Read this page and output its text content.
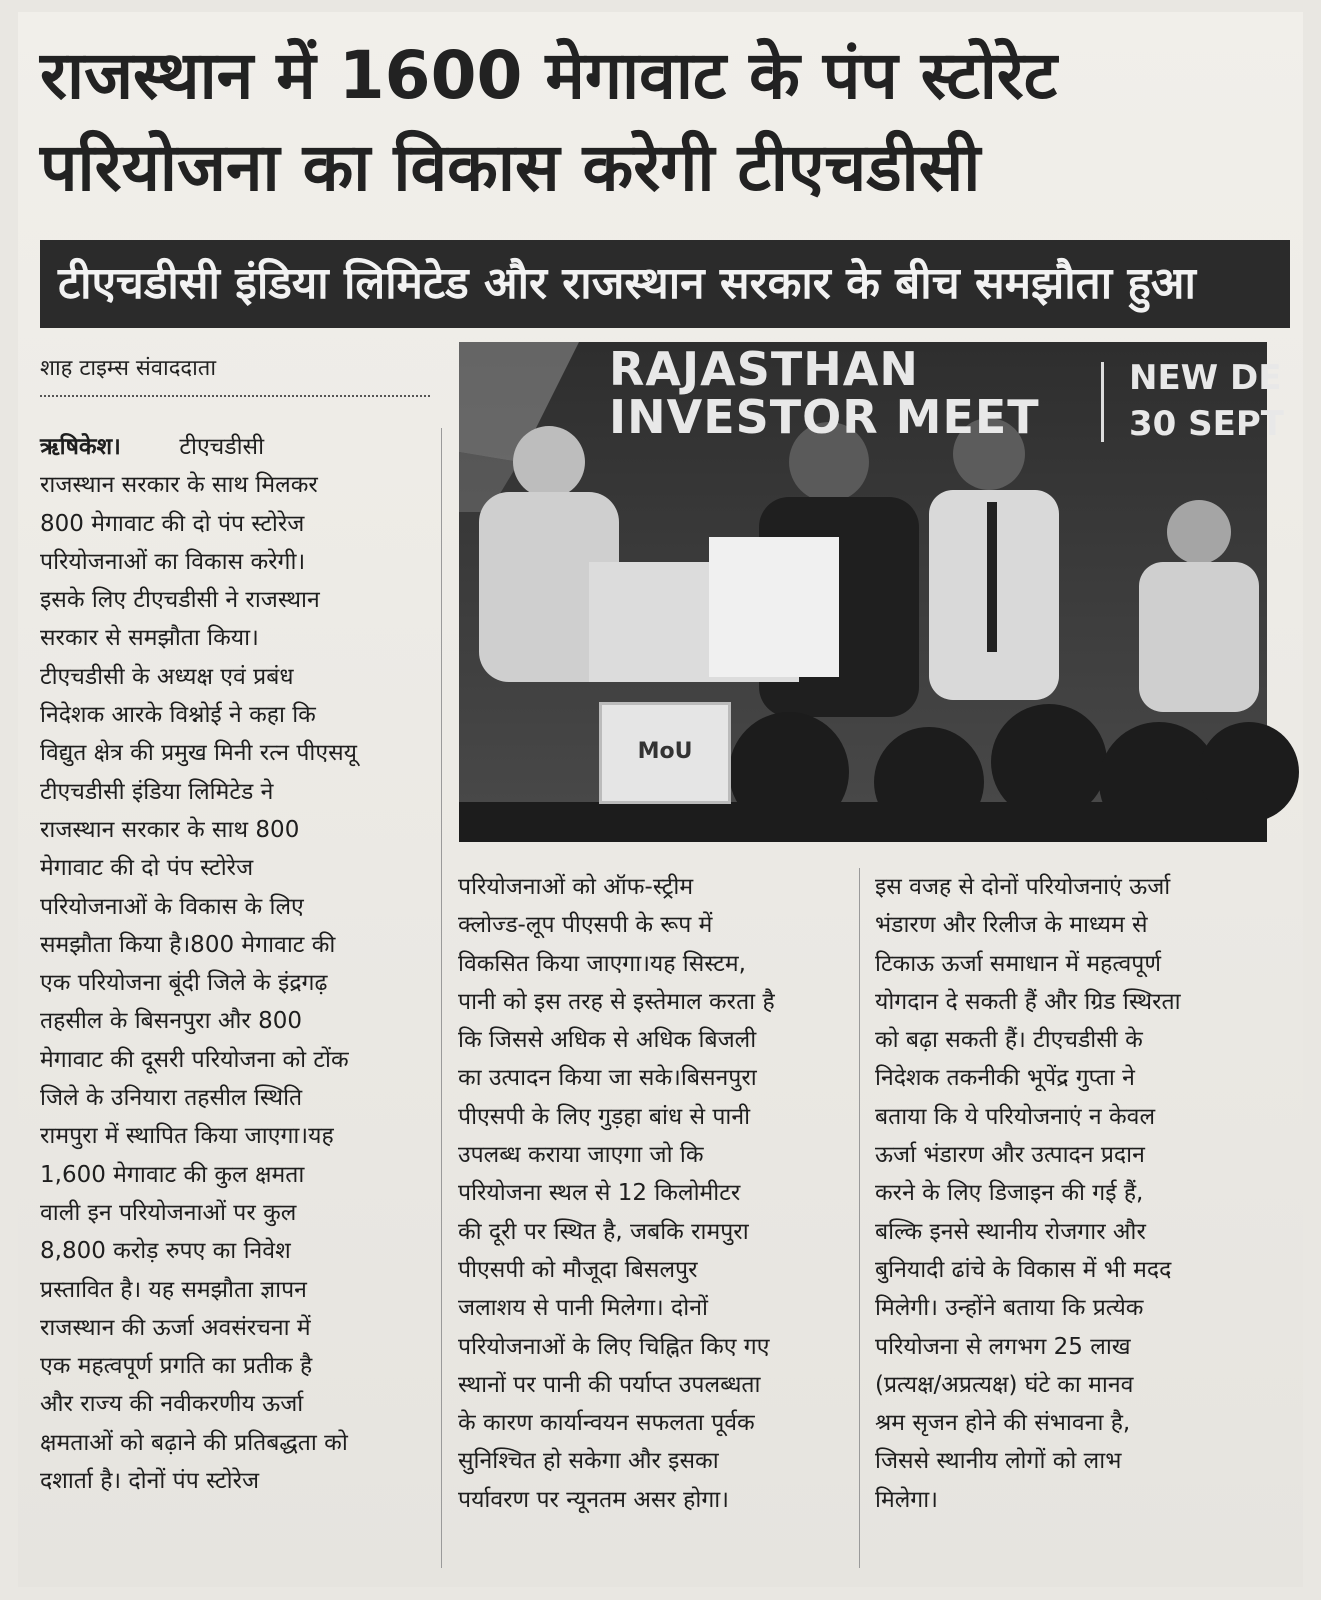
राजस्थान में 1600 मेगावाट के पंप स्टोरेट
परियोजना का विकास करेगी टीएचडीसी
टीएचडीसी इंडिया लिमिटेड और राजस्थान सरकार के बीच समझौता हुआ
शाह टाइम्स संवाददाता	RAJASTHAN
INVESTOR MEET
NEW DE
30 SEPT
MoU
ऋषिकेश।	टीएचडीसी
राजस्थान सरकार के साथ मिलकर
800 मेगावाट की दो पंप स्टोरेज
परियोजनाओं का विकास करेगी।
इसके लिए टीएचडीसी ने राजस्थान
सरकार से समझौता किया।
टीएचडीसी के अध्यक्ष एवं प्रबंध
निदेशक आरके विश्नोई ने कहा कि
विद्युत क्षेत्र की प्रमुख मिनी रत्न पीएसयू
टीएचडीसी इंडिया लिमिटेड ने
राजस्थान सरकार के साथ 800
मेगावाट की दो पंप स्टोरेज
परियोजनाओं के विकास के लिए
समझौता किया है।800 मेगावाट की
एक परियोजना बूंदी जिले के इंद्रगढ़
तहसील के बिसनपुरा और 800
मेगावाट की दूसरी परियोजना को टोंक
जिले के उनियारा तहसील स्थिति
रामपुरा में स्थापित किया जाएगा।यह
1,600 मेगावाट की कुल क्षमता
वाली इन परियोजनाओं पर कुल
8,800 करोड़ रुपए का निवेश
प्रस्तावित है। यह समझौता ज्ञापन
राजस्थान की ऊर्जा अवसंरचना में
एक महत्वपूर्ण प्रगति का प्रतीक है
और राज्य की नवीकरणीय ऊर्जा
क्षमताओं को बढ़ाने की प्रतिबद्धता को
दशार्ता है। दोनों पंप स्टोरेज
परियोजनाओं को ऑफ-स्ट्रीम
क्लोज्ड-लूप पीएसपी के रूप में
विकसित किया जाएगा।यह सिस्टम,
पानी को इस तरह से इस्तेमाल करता है
कि जिससे अधिक से अधिक बिजली
का उत्पादन किया जा सके।बिसनपुरा
पीएसपी के लिए गुड़हा बांध से पानी
उपलब्ध कराया जाएगा जो कि
परियोजना स्थल से 12 किलोमीटर
की दूरी पर स्थित है, जबकि रामपुरा
पीएसपी को मौजूदा बिसलपुर
जलाशय से पानी मिलेगा। दोनों
परियोजनाओं के लिए चिह्नित किए गए
स्थानों पर पानी की पर्याप्त उपलब्धता
के कारण कार्यान्वयन सफलता पूर्वक
सुनिश्चित हो सकेगा और इसका
पर्यावरण पर न्यूनतम असर होगा।
इस वजह से दोनों परियोजनाएं ऊर्जा
भंडारण और रिलीज के माध्यम से
टिकाऊ ऊर्जा समाधान में महत्वपूर्ण
योगदान दे सकती हैं और ग्रिड स्थिरता
को बढ़ा सकती हैं। टीएचडीसी के
निदेशक तकनीकी भूपेंद्र गुप्ता ने
बताया कि ये परियोजनाएं न केवल
ऊर्जा भंडारण और उत्पादन प्रदान
करने के लिए डिजाइन की गई हैं,
बल्कि इनसे स्थानीय रोजगार और
बुनियादी ढांचे के विकास में भी मदद
मिलेगी। उन्होंने बताया कि प्रत्येक
परियोजना से लगभग 25 लाख
(प्रत्यक्ष/अप्रत्यक्ष) घंटे का मानव
श्रम सृजन होने की संभावना है,
जिससे स्थानीय लोगों को लाभ
मिलेगा।
